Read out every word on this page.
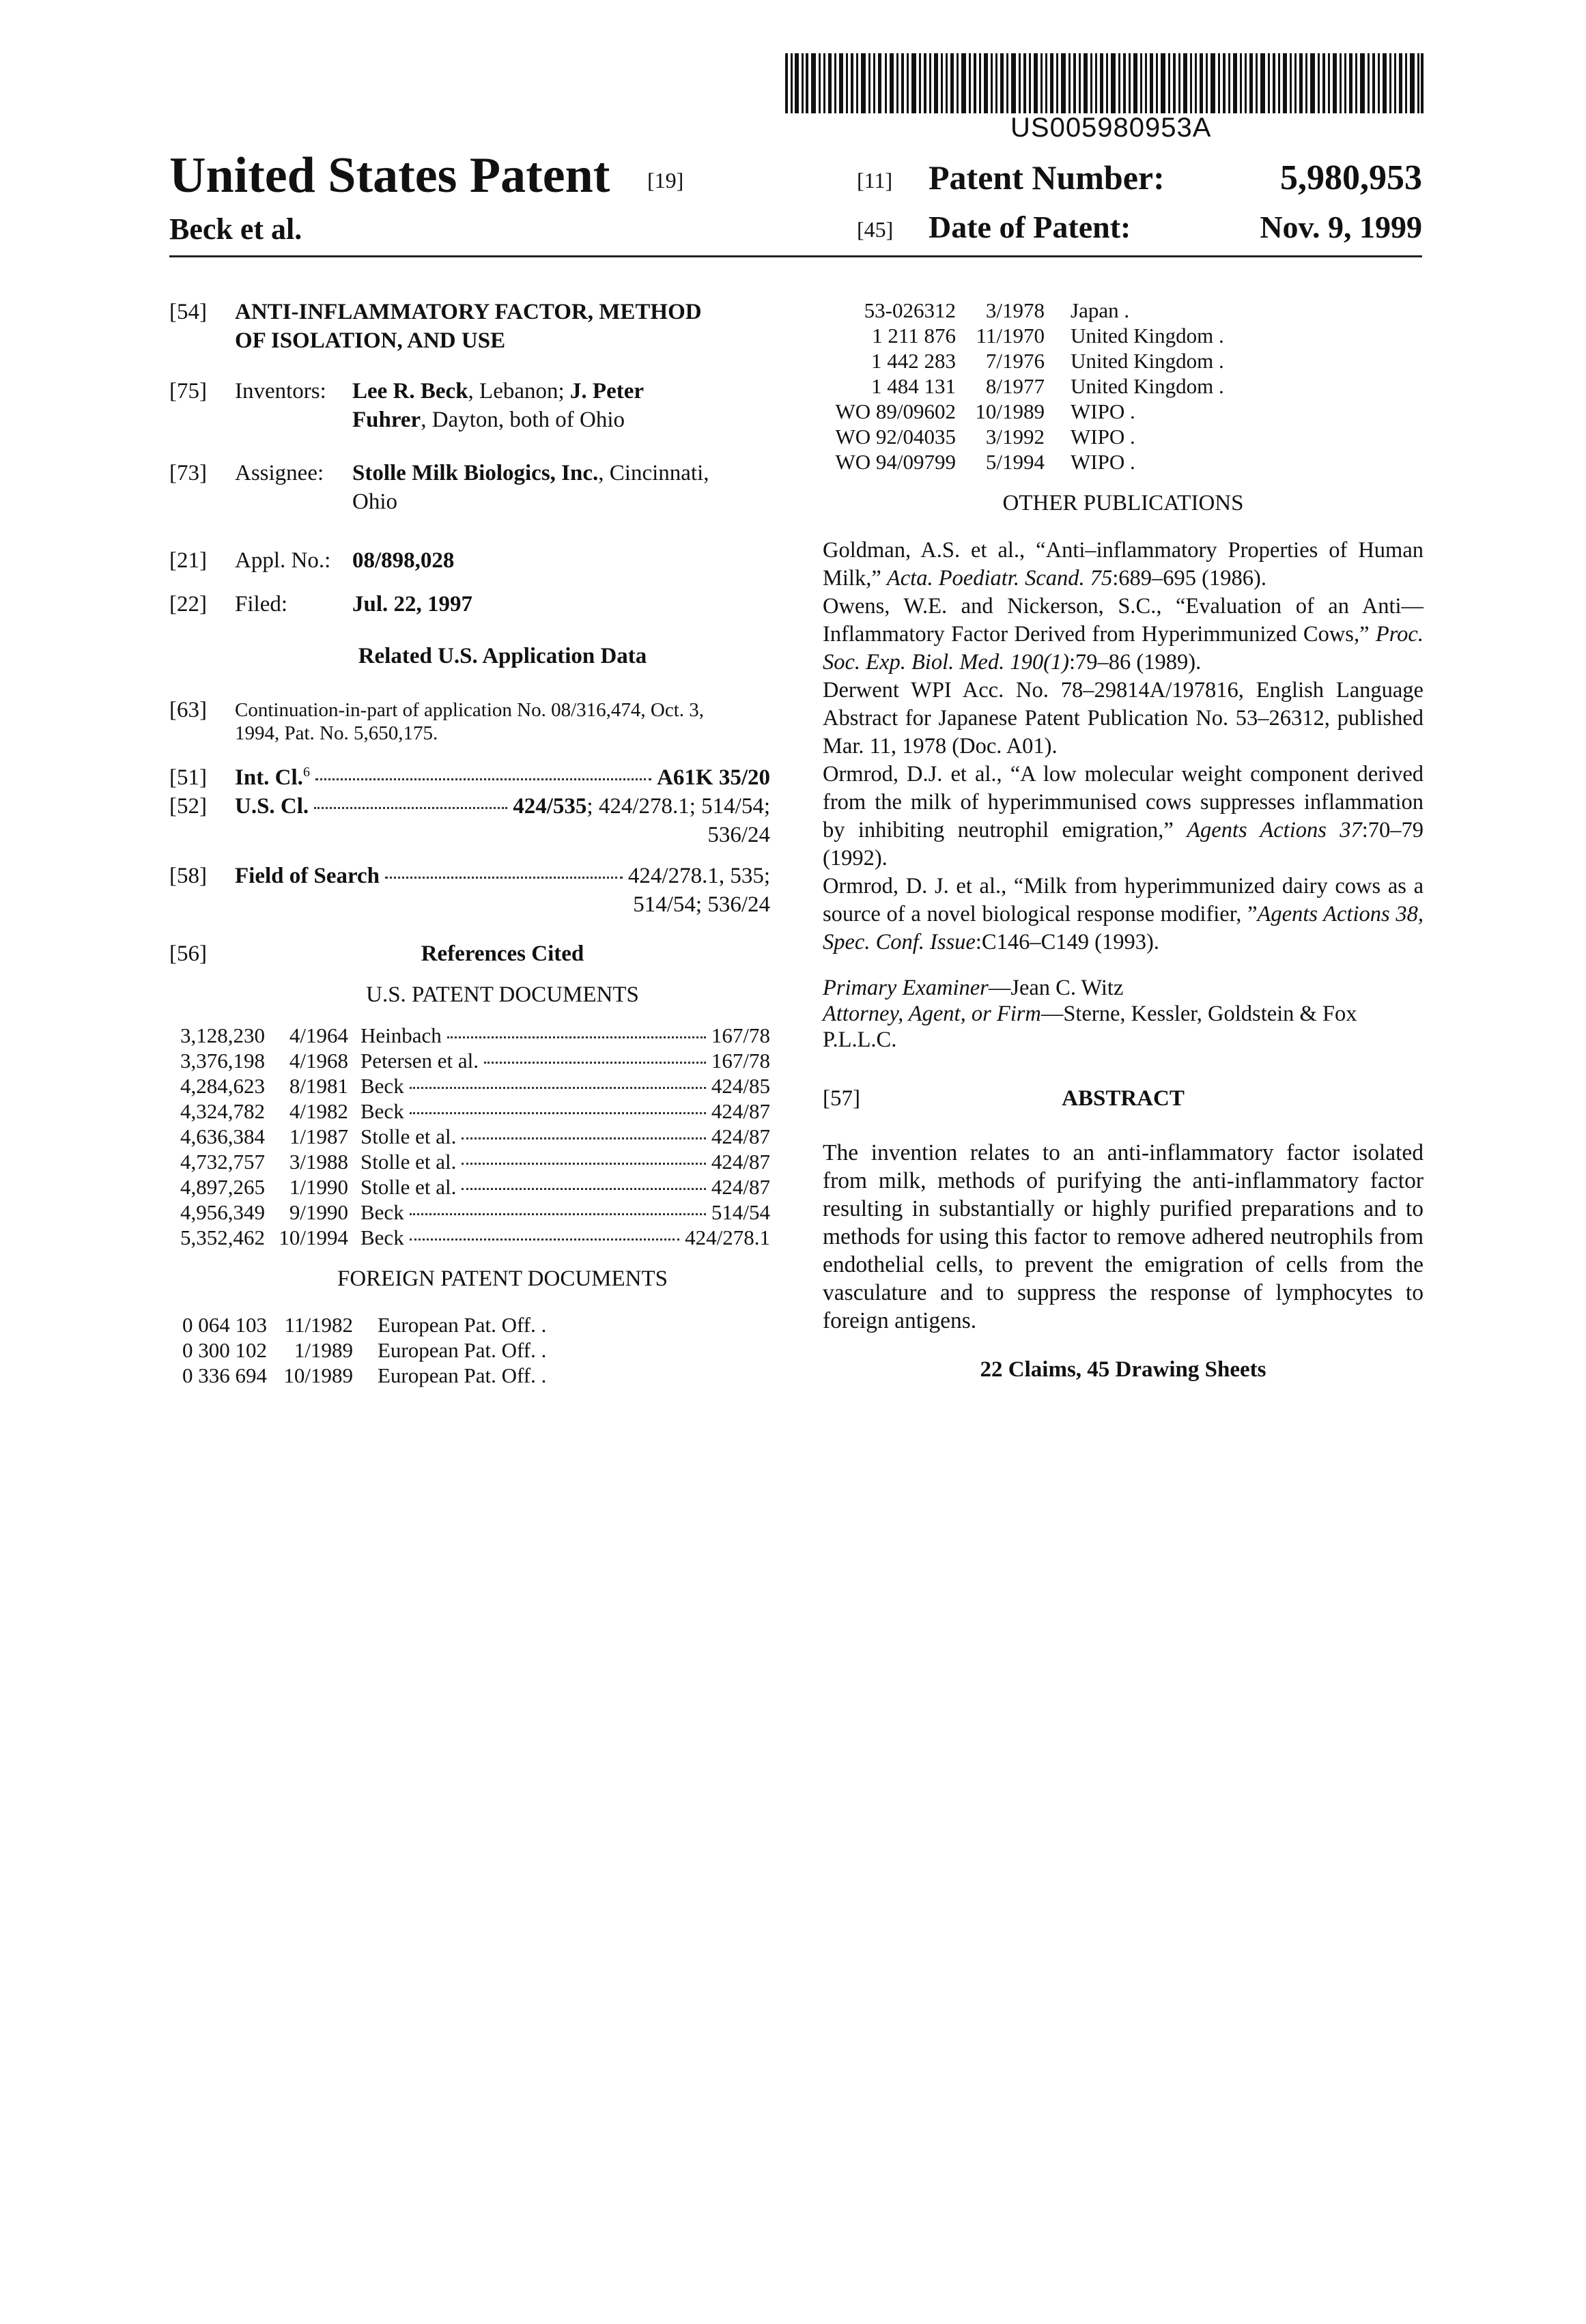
US005980953A
United States Patent [19]
Beck et al.
[11] Patent Number:	5,980,953
[45] Date of Patent:	Nov. 9, 1999
[54] ANTI-INFLAMMATORY FACTOR, METHOD
OF ISOLATION, AND USE
[75] Inventors: Lee R. Beck, Lebanon; J. Peter
Fuhrer, Dayton, both of Ohio
[73] Assignee: Stolle Milk Biologics, Inc., Cincinnati,
Ohio
[21] Appl. No.: 08/898,028
[22] Filed:	Jul. 22, 1997
Related U.S. Application Data
[63] Continuation-in-part of application No. 08/316,474, Oct. 3,
1994, Pat. No. 5,650,175.
[51] Int. Cl.$^6$	A61K 35/20
[52] U.S. Cl.	424/535; 424/278.1; 514/54;
536/24
[58] Field of Search	424/278.1, 535;
514/54; 536/24
[56]	References Cited
U.S. PATENT DOCUMENTS
3,128,230	4/1964 Heinbach	167/78
3,376,198	4/1968 Petersen et al.	167/78
4,284,623	8/1981 Beck	424/85
4,324,782	4/1982 Beck	424/87
4,636,384	1/1987 Stolle et al.	424/87
4,732,757	3/1988 Stolle et al.	424/87
4,897,265	1/1990 Stolle et al.	424/87
4,956,349	9/1990 Beck	514/54
5,352,462 10/1994 Beck	424/278.1
FOREIGN PATENT DOCUMENTS
0 064 103 11/1982 European Pat. Off. .
0 300 102	1/1989 European Pat. Off. .
0 336 694 10/1989 European Pat. Off. .
53-026312	3/1978 Japan .
1 211 876 11/1970 United Kingdom .
1 442 283	7/1976 United Kingdom .
1 484 131	8/1977 United Kingdom .
WO 89/09602 10/1989 WIPO .
WO 92/04035	3/1992 WIPO .
WO 94/09799	5/1994 WIPO .
OTHER PUBLICATIONS

Goldman, A.S. et al., “Anti–inflammatory Properties of Human Milk,” Acta. Poediatr. Scand. 75:689–695 (1986).

Owens, W.E. and Nickerson, S.C., “Evaluation of an Anti––Inflammatory Factor Derived from Hyperimmunized Cows,” Proc. Soc. Exp. Biol. Med. 190(1):79–86 (1989).

Derwent WPI Acc. No. 78–29814A/197816, English Language Abstract for Japanese Patent Publication No. 53–26312, published Mar. 11, 1978 (Doc. A01).

Ormrod, D.J. et al., “A low molecular weight component derived from the milk of hyperimmunised cows suppresses inflammation by inhibiting neutrophil emigration,” Agents Actions 37:70–79 (1992).

Ormrod, D. J. et al., “Milk from hyperimmunized dairy cows as a source of a novel biological response modifier, ”Agents Actions 38, Spec. Conf. Issue:C146–C149 (1993).

Primary Examiner—Jean C. Witz
Attorney, Agent, or Firm—Sterne, Kessler, Goldstein & Fox P.L.L.C.
[57]	ABSTRACT
The invention relates to an anti-inflammatory factor isolated from milk, methods of purifying the anti-inflammatory factor resulting in substantially or highly purified preparations and to methods for using this factor to remove adhered neutrophils from endothelial cells, to prevent the emigration of cells from the vasculature and to suppress the response of lymphocytes to foreign antigens.
22 Claims, 45 Drawing Sheets
